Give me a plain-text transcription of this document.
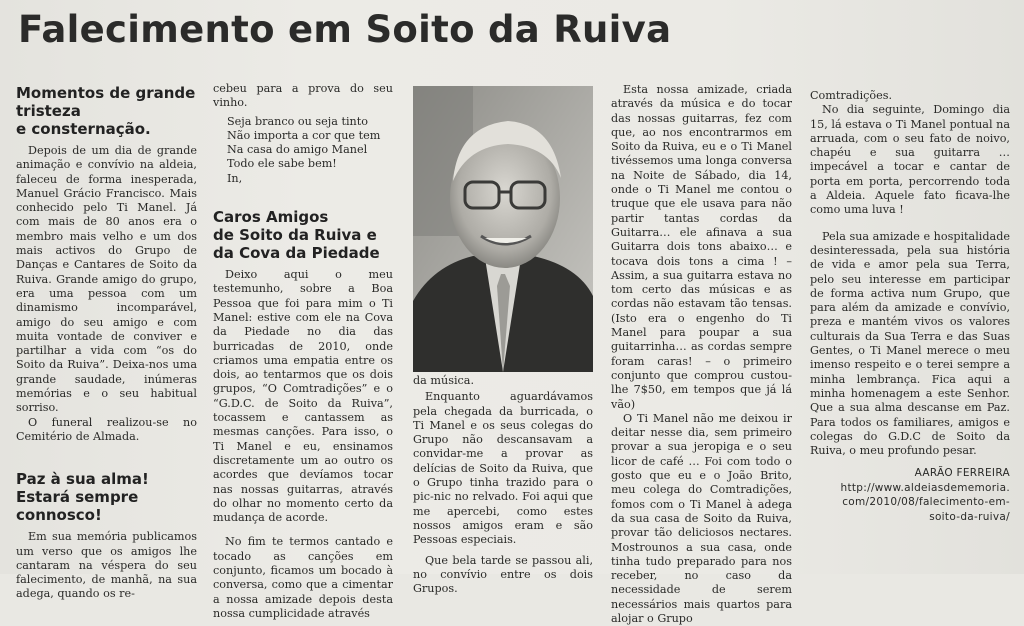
Falecimento em Soito da Ruiva
Momentos de grande
tristeza
e consternação.

Depois de um dia de grande animação e convívio na aldeia, faleceu de forma inesperada, Manuel Grácio Francisco. Mais conhecido pelo Ti Manel. Já com mais de 80 anos era o membro mais velho e um dos mais activos do Grupo de Danças e Cantares de Soito da Ruiva. Grande amigo do grupo, era uma pessoa com um dinamismo incomparável, amigo do seu amigo e com muita vontade de conviver e partilhar a vida com “os do Soito da Ruiva”. Deixa-nos uma grande saudade, inúmeras memórias e o seu habitual sorriso.

O funeral realizou-se no Cemitério de Almada.

Paz à sua alma!
Estará sempre
connosco!

Em sua memória publicamos um verso que os amigos lhe cantaram na véspera do seu falecimento, de manhã, na sua adega, quando os re-

cebeu para a prova do seu vinho.

Seja branco ou seja tinto
Não importa a cor que tem
Na casa do amigo Manel
Todo ele sabe bem!
In,
Caros Amigos
de Soito da Ruiva e
da Cova da Piedade

Deixo aqui o meu testemunho, sobre a Boa Pessoa que foi para mim o Ti Manel: estive com ele na Cova da Piedade no dia das burricadas de 2010, onde criamos uma empatia entre os dois, ao tentarmos que os dois grupos, “O Comtradições” e o “G.D.C. de Soito da Ruiva”, tocassem e cantassem as mesmas canções. Para isso, o Ti Manel e eu, ensinamos discretamente um ao outro os acordes que devíamos tocar nas nossas guitarras, através do olhar no momento certo da mudança de acorde.

No fim te termos cantado e tocado as canções em conjunto, ficamos um bocado à conversa, como que a cimentar a nossa amizade depois desta nossa cumplicidade através

da música.

Enquanto aguardávamos pela chegada da burricada, o Ti Manel e os seus colegas do Grupo não descansavam a convidar-me a provar as delícias de Soito da Ruiva, que o Grupo tinha trazido para o pic-nic no relvado. Foi aqui que me apercebi, como estes nossos amigos eram e são Pessoas especiais.

Que bela tarde se passou ali, no convívio entre os dois Grupos.

Esta nossa amizade, criada através da música e do tocar das nossas guitarras, fez com que, ao nos encontrarmos em Soito da Ruiva, eu e o Ti Manel tivéssemos uma longa conversa na Noite de Sábado, dia 14, onde o Ti Manel me contou o truque que ele usava para não partir tantas cordas da Guitarra… ele afinava a sua Guitarra dois tons abaixo… e tocava dois tons a cima ! – Assim, a sua guitarra estava no tom certo das músicas e as cordas não estavam tão tensas. (Isto era o engenho do Ti Manel para poupar a sua guitarrinha… as cordas sempre foram caras! – o primeiro conjunto que comprou custou-lhe 7$50, em tempos que já lá vão)

O Ti Manel não me deixou ir deitar nesse dia, sem primeiro provar a sua jeropiga e o seu licor de café … Foi com todo o gosto que eu e o João Brito, meu colega do Comtradições, fomos com o Ti Manel à adega da sua casa de Soito da Ruiva, provar tão deliciosos nectares. Mostrounos a sua casa, onde tinha tudo preparado para nos receber, no caso da necessidade de serem necessários mais quartos para alojar o Grupo

Comtradições.

No dia seguinte, Domingo dia 15, lá estava o Ti Manel pontual na arruada, com o seu fato de noivo, chapéu e sua guitarra … impecável a tocar e cantar de porta em porta, percorrendo toda a Aldeia. Aquele fato ficava-lhe como uma luva !

Pela sua amizade e hospitalidade desinteressada, pela sua história de vida e amor pela sua Terra, pelo seu interesse em participar de forma activa num Grupo, que para além da amizade e convívio, preza e mantém vivos os valores culturais da Sua Terra e das Suas Gentes, o Ti Manel merece o meu imenso respeito e o terei sempre a minha lembrança. Fica aqui a minha homenagem a este Senhor. Que a sua alma descanse em Paz. Para todos os familiares, amigos e colegas do G.D.C de Soito da Ruiva, o meu profundo pesar.

AARÃO FERREIRA
http://www.aldeiasdememoria.
com/2010/08/falecimento-em-
soito-da-ruiva/
